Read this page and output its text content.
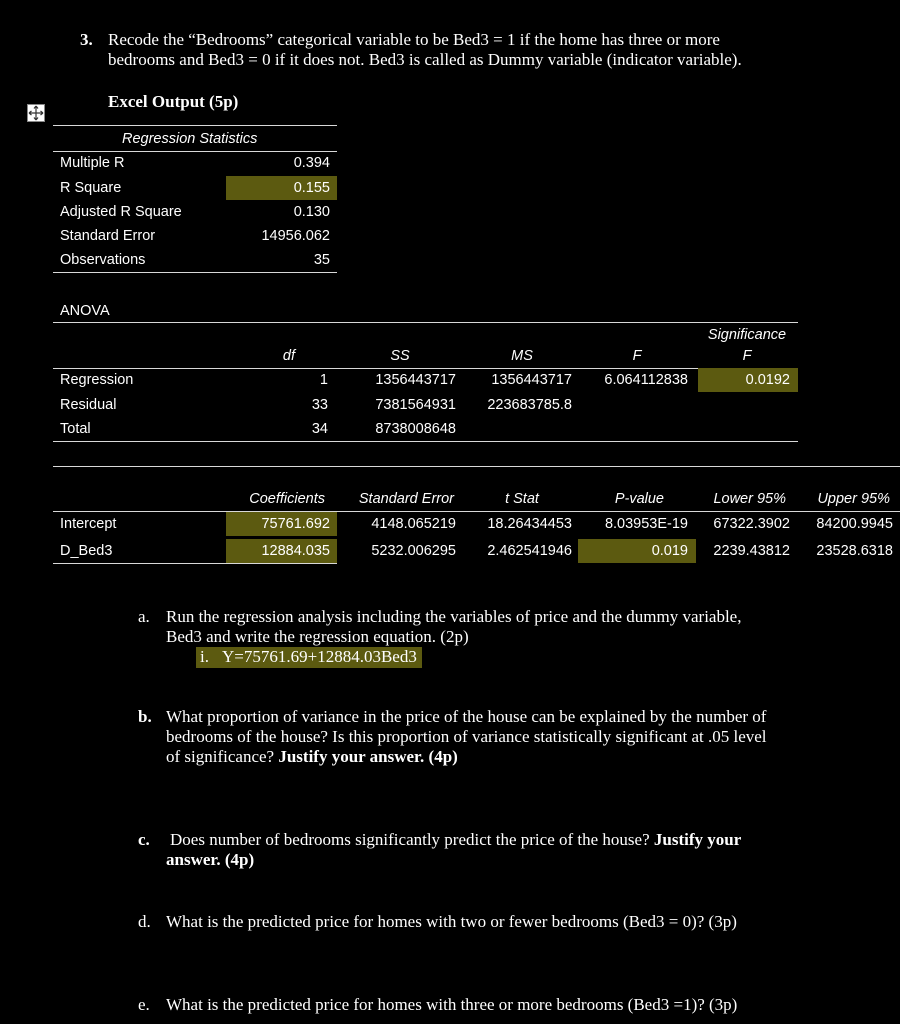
3. Recode the “Bedrooms” categorical variable to be Bed3 = 1 if the home has three or more
bedrooms and Bed3 = 0 if it does not. Bed3 is called as Dummy variable (indicator variable).
Excel Output (5p)
Regression Statistics
Multiple R	0.394
R Square	0.155
Adjusted R Square	0.130
Standard Error	14956.062
Observations	35
ANOVA
df	SS	MS	F
Significance
F
Regression	1	1356443717	1356443717	6.064112838	0.0192
Residual	33	7381564931	223683785.8
Total	34	8738008648
Coefficients	Standard Error	t Stat	P-value	Lower 95%	Upper 95%
Intercept	75761.692	4148.065219	18.26434453	8.03953E-19	67322.3902	84200.9945
D_Bed3	12884.035	5232.006295	2.462541946	0.019	2239.43812	23528.6318
a. Run the regression analysis including the variables of price and the dummy variable,
Bed3 and write the regression equation. (2p)
i. Y=75761.69+12884.03Bed3
b. What proportion of variance in the price of the house can be explained by the number of
bedrooms of the house? Is this proportion of variance statistically significant at .05 level
of significance? Justify your answer. (4p)
c. Does number of bedrooms significantly predict the price of the house? Justify your
answer. (4p)
d. What is the predicted price for homes with two or fewer bedrooms (Bed3 = 0)? (3p)
e. What is the predicted price for homes with three or more bedrooms (Bed3 =1)? (3p)
